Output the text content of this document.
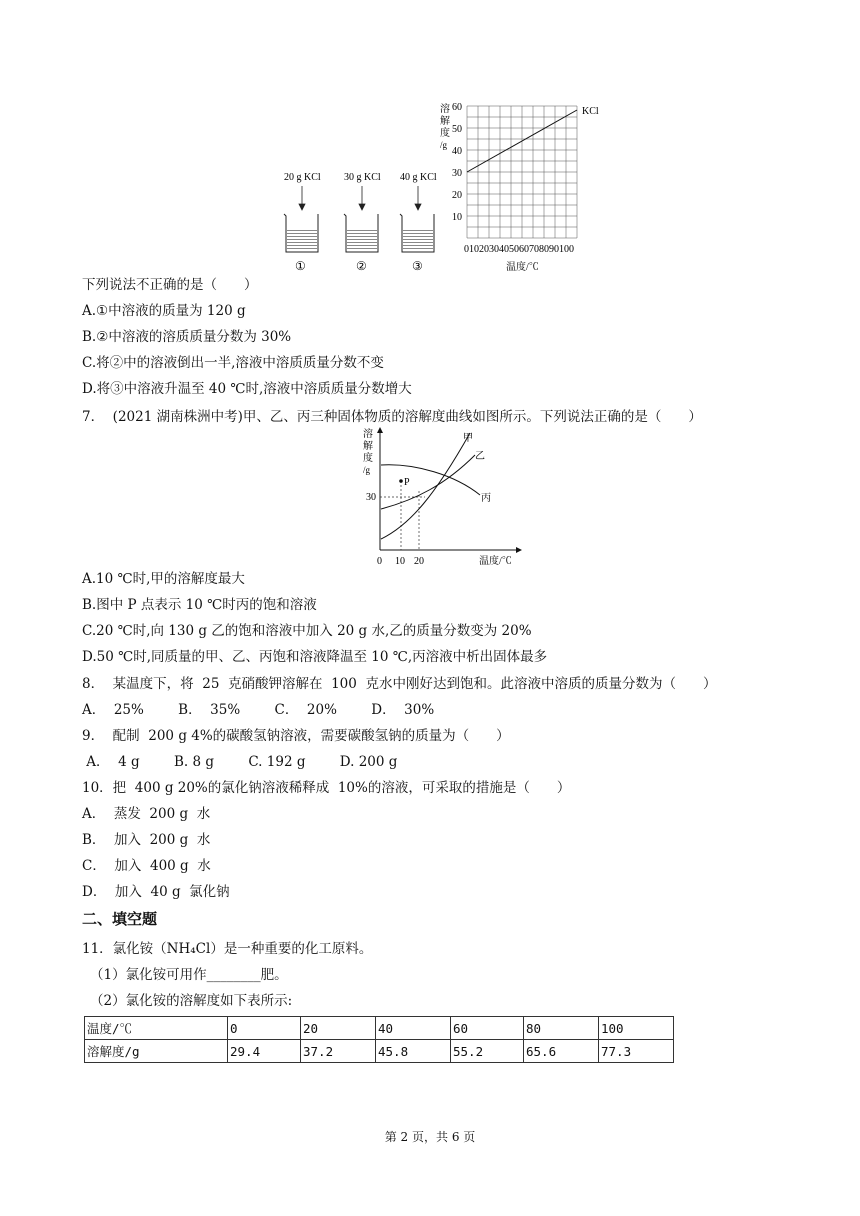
20 g KCl 30 g KCl 40 g KCl
①	②	③
溶
解
度
/g
60
50
40
30
20
10
KCl
0102030405060708090100
温度/℃
下列说法不正确的是（　　）
A.①中溶液的质量为 120 g
B.②中溶液的溶质质量分数为 30%
C.将②中的溶液倒出一半,溶液中溶质质量分数不变
D.将③中溶液升温至 40 ℃时,溶液中溶质质量分数增大
7．  (2021 湖南株洲中考)甲、乙、丙三种固体物质的溶解度曲线如图所示。下列说法正确的是（　　）
溶
解
度
/g
P
甲
乙
丙
30
0 10 20	温度/℃
A.10 ℃时,甲的溶解度最大
B.图中 P 点表示 10 ℃时丙的饱和溶液
C.20 ℃时,向 130 g 乙的饱和溶液中加入 20 g 水,乙的质量分数变为 20%
D.50 ℃时,同质量的甲、乙、丙饱和溶液降温至 10 ℃,丙溶液中析出固体最多
8．  某温度下，将  25  克硝酸钾溶解在  100  克水中刚好达到饱和。此溶液中溶质的质量分数为（　　）
A．  25%        B．  35%        C．  20%        D．  30%
9．  配制  200 g 4%的碳酸氢钠溶液，需要碳酸氢钠的质量为（　　）
A．  4 g        B. 8 g        C. 192 g        D. 200 g
10．把  400 g 20%的氯化钠溶液稀释成  10%的溶液，可采取的措施是（　　）
A．  蒸发  200 g  水
B．  加入  200 g  水
C．  加入  400 g  水
D．  加入  40 g  氯化钠
二、填空题
11．氯化铵（NH₄Cl）是一种重要的化工原料。
（1）氯化铵可用作________肥。
（2）氯化铵的溶解度如下表所示:
温度/℃	0	20	40	60	80	100
溶解度/g	29.4	37.2	45.8	55.2	65.6	77.3
第 2 页，共 6 页
